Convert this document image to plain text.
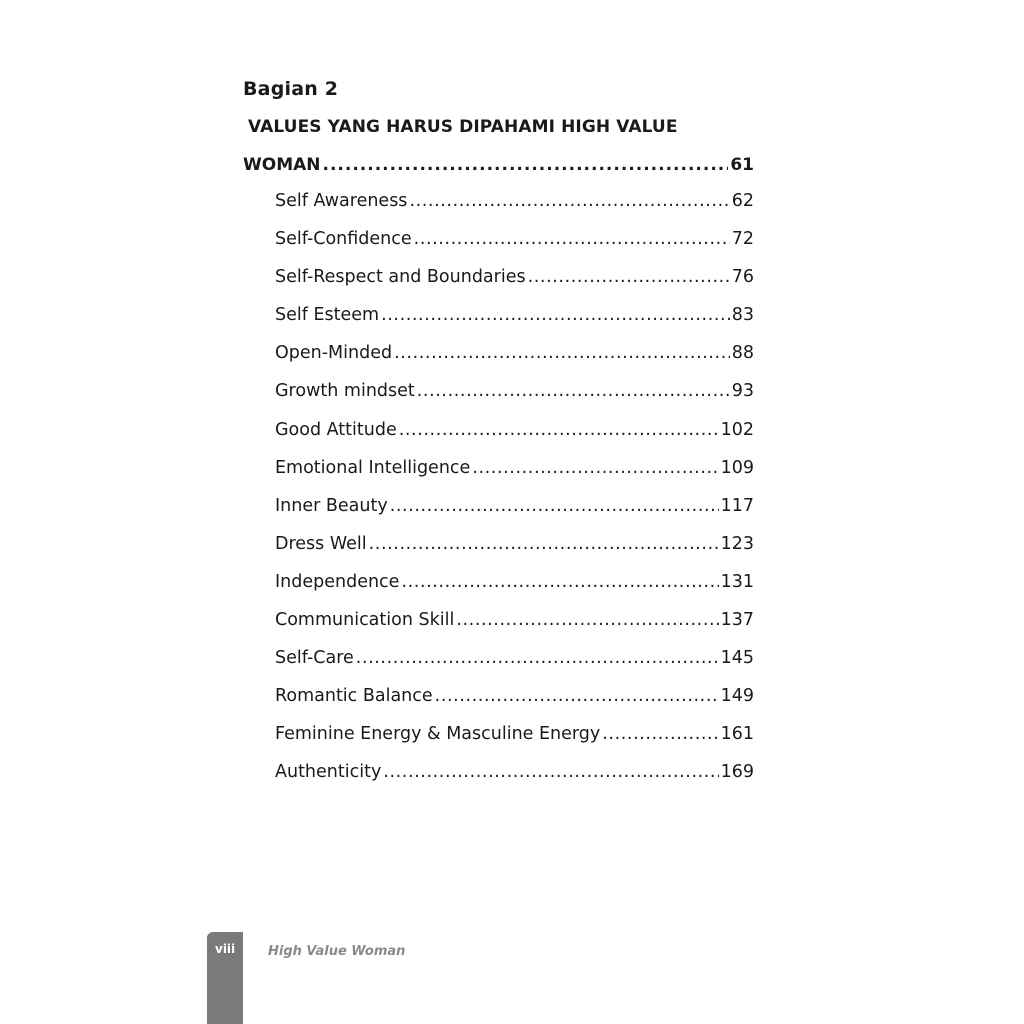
Bagian 2
VALUES YANG HARUS DIPAHAMI HIGH VALUE
WOMAN .....	61
Self Awareness .....	62
Self-Confidence .....	72
Self-Respect and Boundaries .....	76
Self Esteem .....	83
Open-Minded .....	88
Growth mindset .....	93
Good Attitude .....	102
Emotional Intelligence .....	109
Inner Beauty .....	117
Dress Well .....	123
Independence .....	131
Communication Skill .....	137
Self-Care .....	145
Romantic Balance .....	149
Feminine Energy & Masculine Energy .....	161
Authenticity .....	169
viii	High Value Woman
